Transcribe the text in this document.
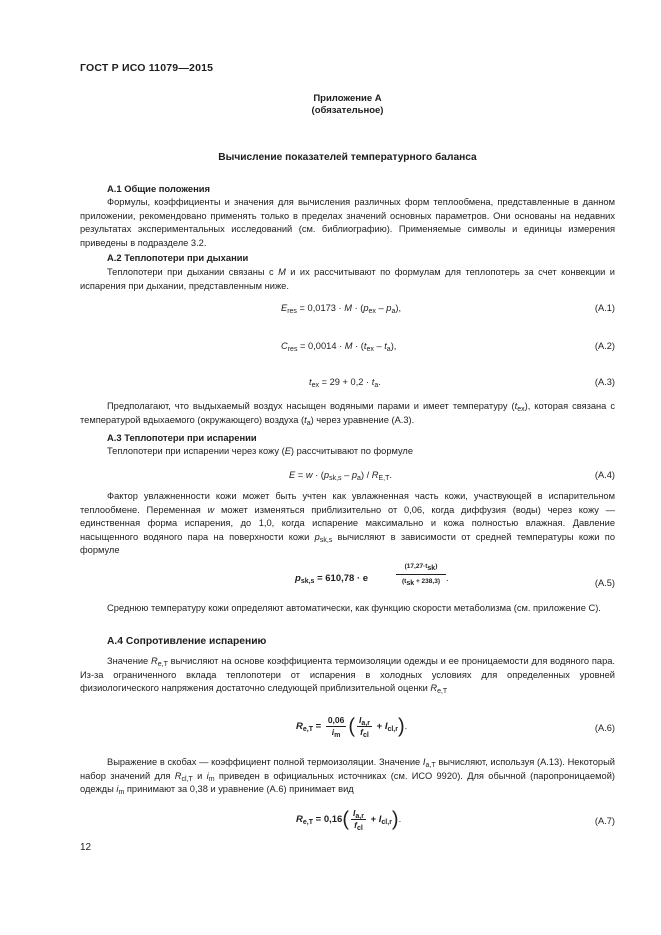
ГОСТ Р ИСО 11079—2015
Приложение А
(обязательное)
Вычисление показателей температурного баланса
А.1 Общие положения

Формулы, коэффициенты и значения для вычисления различных форм теплообмена, представленные в данном приложении, рекомендовано применять только в пределах значений основных параметров. Они основаны на недавних результатах экспериментальных исследований (см. библиографию). Применяемые символы и единицы измерения приведены в подразделе 3.2.

А.2 Теплопотери при дыхании

Теплопотери при дыхании связаны с M и их рассчитывают по формулам для теплопотерь за счет конвекции и испарения при дыхании, представленным ниже.

$E_{res} = 0,0173 \cdot M \cdot (p_{ex} - p_a)$,	(А.1)
$C_{res} = 0,0014 \cdot M \cdot (t_{ex} - t_a)$,	(А.2)
$t_{ex} = 29 + 0,2 \cdot t_a$.	(А.3)

Предполагают, что выдыхаемый воздух насыщен водяными парами и имеет температуру $(t_{ex})$, которая связана с температурой вдыхаемого (окружающего) воздуха $(t_a)$ через уравнение (А.3).

А.3 Теплопотери при испарении

Теплопотери при испарении через кожу (E) рассчитывают по формуле

$E = w \cdot (p_{sk,s} - p_a) / R_{E,T}$.	(А.4)

Фактор увлажненности кожи может быть учтен как увлажненная часть кожи, участвующей в испарительном теплообмене. Переменная w может изменяться приблизительно от 0,06, когда диффузия (воды) через кожу — единственная форма испарения, до 1,0, когда испарение максимально и кожа полностью влажная. Давление насыщенного водяного пара на поверхности кожи $p_{sk,s}$ вычисляют в зависимости от средней температуры кожи по формуле

$p_{sk,s} = 610,78 \cdot e$
$(17,27\cdot t_{sk})$
$(t_{sk} + 238,3)$ .	(А.5)

Среднюю температуру кожи определяют автоматически, как функцию скорости метаболизма (см. приложение С).

А.4 Сопротивление испарению

Значение $R_{e,T}$ вычисляют на основе коэффициента термоизоляции одежды и ее проницаемости для водяного пара. Из-за ограниченного вклада теплопотери от испарения в холодных условиях для определенных уровней физиологического напряжения достаточно следующей приблизительной оценки $R_{e,T}$

$R_{e,T} = \frac{0,06}{i_m}$ ( $\frac{I_{a,r}}{f_{cl}} + I_{cl,r}$).	(А.6)

Выражение в скобах — коэффициент полной термоизоляции. Значение $I_{a,T}$ вычисляют, используя (А.13). Некоторый набор значений для $R_{cl,T}$ и $i_m$ приведен в официальных источниках (см. ИСО 9920). Для обычной (паропроницаемой) одежды $i_m$ принимают за 0,38 и уравнение (А.6) принимает вид

$R_{e,T} = 0,16( \frac{I_{a,r}}{f_{cl}} + I_{cl,r})$.	(А.7)
12
